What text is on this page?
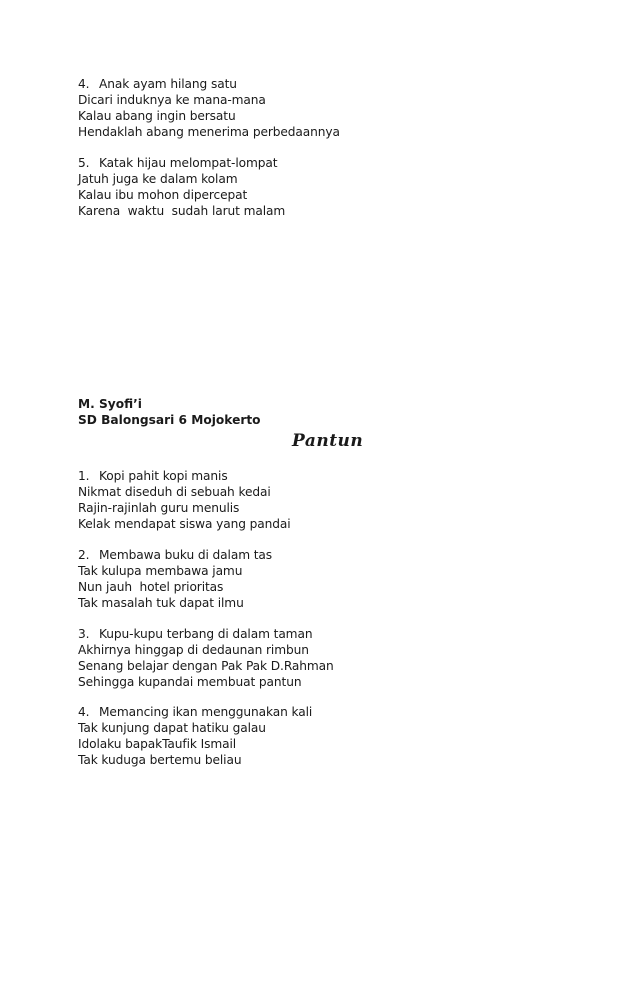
4. Anak ayam hilang satu
Dicari induknya ke mana-mana
Kalau abang ingin bersatu
Hendaklah abang menerima perbedaannya
5. Katak hijau melompat-lompat
Jatuh juga ke dalam kolam
Kalau ibu mohon dipercepat
Karena  waktu  sudah larut malam
M. Syofi’i
SD Balongsari 6 Mojokerto
Pantun
1. Kopi pahit kopi manis
Nikmat diseduh di sebuah kedai
Rajin-rajinlah guru menulis
Kelak mendapat siswa yang pandai
2. Membawa buku di dalam tas
Tak kulupa membawa jamu
Nun jauh  hotel prioritas
Tak masalah tuk dapat ilmu
3. Kupu-kupu terbang di dalam taman
Akhirnya hinggap di dedaunan rimbun
Senang belajar dengan Pak Pak D.Rahman
Sehingga kupandai membuat pantun
4. Memancing ikan menggunakan kali
Tak kunjung dapat hatiku galau
Idolaku bapakTaufik Ismail
Tak kuduga bertemu beliau
